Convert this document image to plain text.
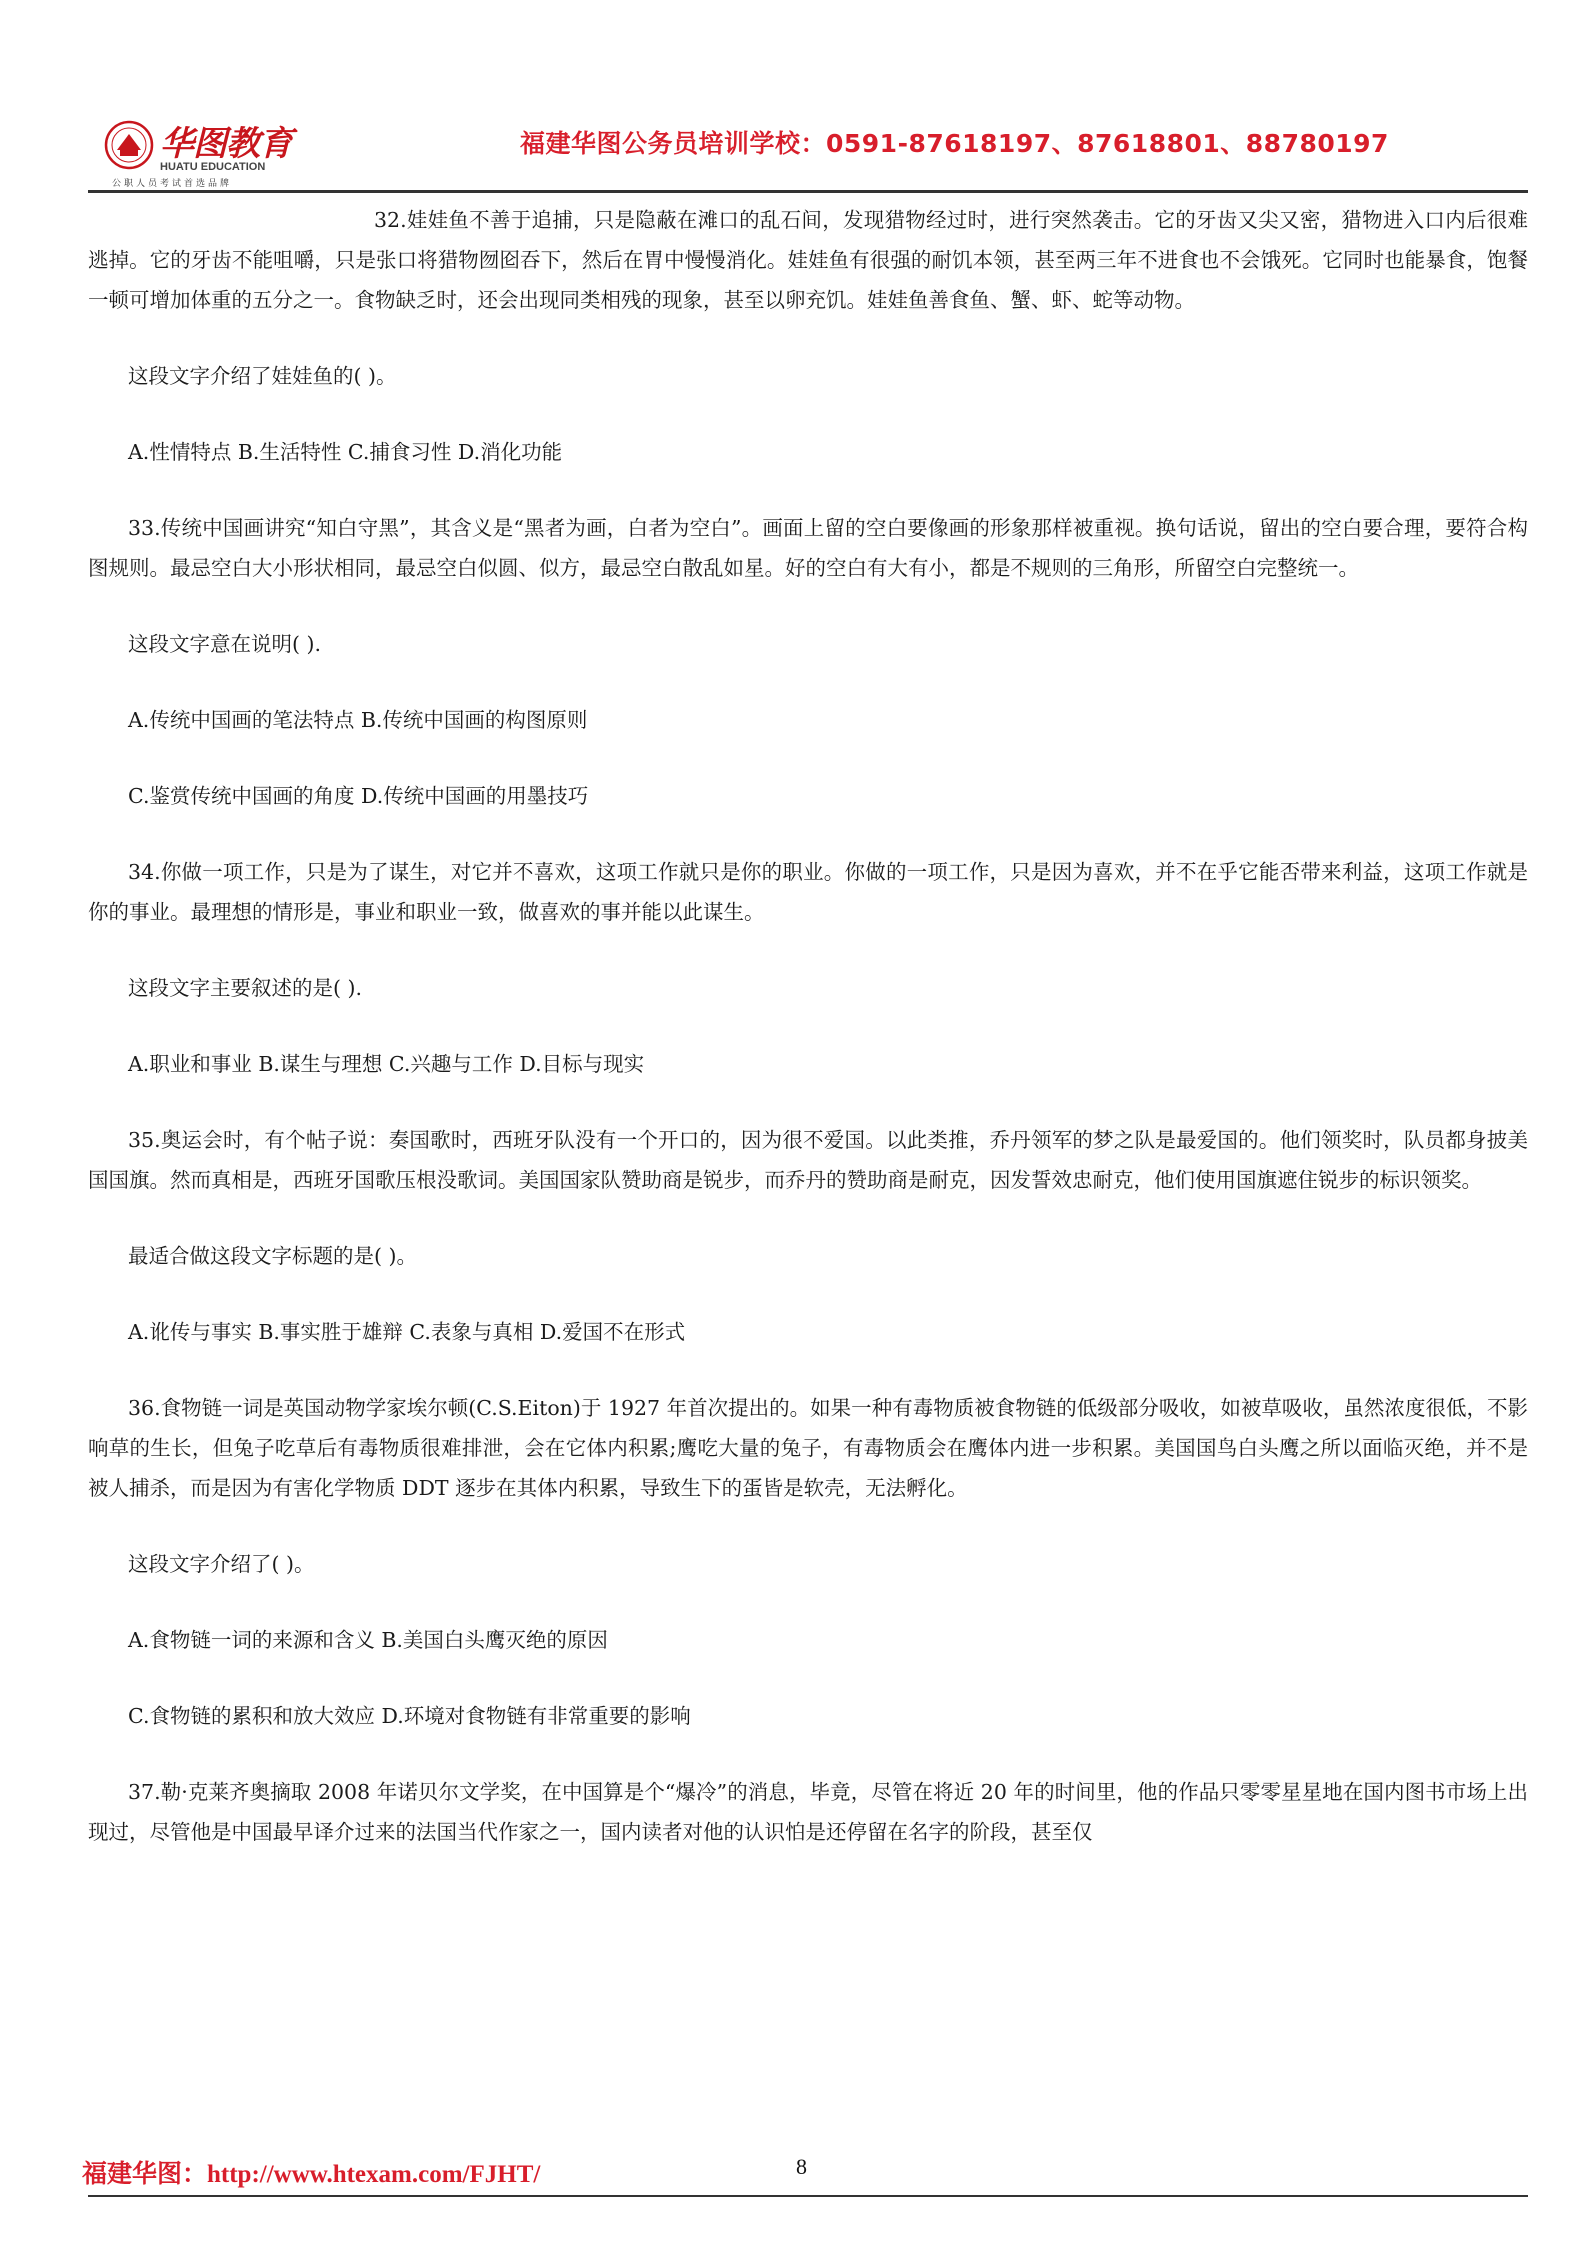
华图教育
HUATU EDUCATION
公职人员考试首选品牌
福建华图公务员培训学校：0591-87618197、87618801、88780197

32.娃娃鱼不善于追捕，只是隐蔽在滩口的乱石间，发现猎物经过时，进行突然袭击。它的牙齿又尖又密，猎物进入口内后很难逃掉。它的牙齿不能咀嚼，只是张口将猎物囫囵吞下，然后在胃中慢慢消化。娃娃鱼有很强的耐饥本领，甚至两三年不进食也不会饿死。它同时也能暴食，饱餐一顿可增加体重的五分之一。食物缺乏时，还会出现同类相残的现象，甚至以卵充饥。娃娃鱼善食鱼、蟹、虾、蛇等动物。

这段文字介绍了娃娃鱼的( )。

A.性情特点 B.生活特性 C.捕食习性 D.消化功能

33.传统中国画讲究“知白守黑”，其含义是“黑者为画，白者为空白”。画面上留的空白要像画的形象那样被重视。换句话说，留出的空白要合理，要符合构图规则。最忌空白大小形状相同，最忌空白似圆、似方，最忌空白散乱如星。好的空白有大有小，都是不规则的三角形，所留空白完整统一。

这段文字意在说明( ).

A.传统中国画的笔法特点 B.传统中国画的构图原则

C.鉴赏传统中国画的角度 D.传统中国画的用墨技巧

34.你做一项工作，只是为了谋生，对它并不喜欢，这项工作就只是你的职业。你做的一项工作，只是因为喜欢，并不在乎它能否带来利益，这项工作就是你的事业。最理想的情形是，事业和职业一致，做喜欢的事并能以此谋生。

这段文字主要叙述的是( ).

A.职业和事业 B.谋生与理想 C.兴趣与工作 D.目标与现实

35.奥运会时，有个帖子说：奏国歌时，西班牙队没有一个开口的，因为很不爱国。以此类推，乔丹领军的梦之队是最爱国的。他们领奖时，队员都身披美国国旗。然而真相是，西班牙国歌压根没歌词。美国国家队赞助商是锐步，而乔丹的赞助商是耐克，因发誓效忠耐克，他们使用国旗遮住锐步的标识领奖。

最适合做这段文字标题的是( )。

A.讹传与事实 B.事实胜于雄辩 C.表象与真相 D.爱国不在形式

36.食物链一词是英国动物学家埃尔顿(C.S.Eiton)于 1927 年首次提出的。如果一种有毒物质被食物链的低级部分吸收，如被草吸收，虽然浓度很低，不影响草的生长，但兔子吃草后有毒物质很难排泄，会在它体内积累;鹰吃大量的兔子，有毒物质会在鹰体内进一步积累。美国国鸟白头鹰之所以面临灭绝，并不是被人捕杀，而是因为有害化学物质 DDT 逐步在其体内积累，导致生下的蛋皆是软壳，无法孵化。

这段文字介绍了( )。

A.食物链一词的来源和含义 B.美国白头鹰灭绝的原因

C.食物链的累积和放大效应 D.环境对食物链有非常重要的影响

37.勒·克莱齐奥摘取 2008 年诺贝尔文学奖，在中国算是个“爆冷”的消息，毕竟，尽管在将近 20 年的时间里，他的作品只零零星星地在国内图书市场上出现过，尽管他是中国最早译介过来的法国当代作家之一，国内读者对他的认识怕是还停留在名字的阶段，甚至仅

福建华图：http://www.htexam.com/FJHT/	8
